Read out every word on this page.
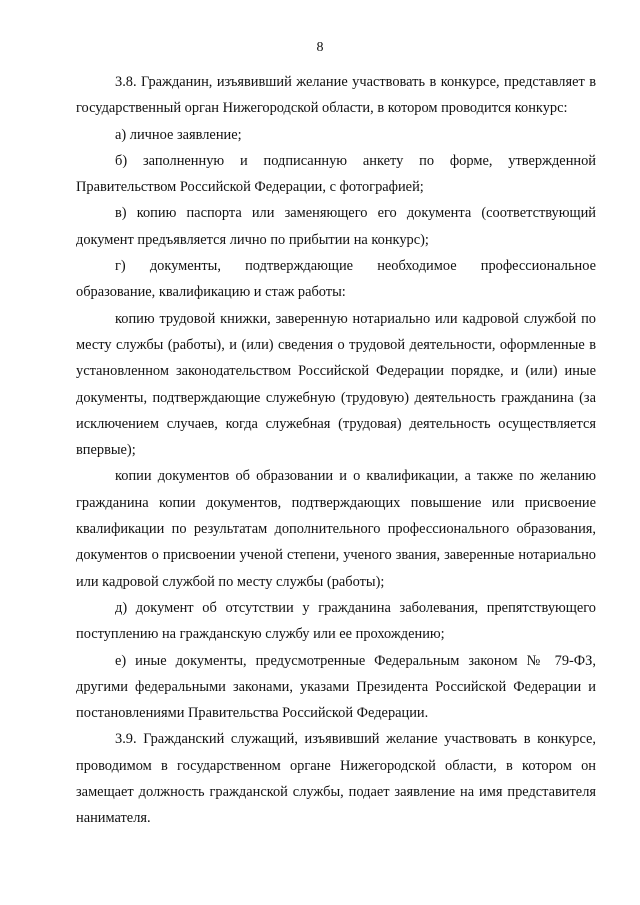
8

3.8. Гражданин, изъявивший желание участвовать в конкурсе, представляет в государственный орган Нижегородской области, в котором проводится конкурс:

а) личное заявление;

б) заполненную и подписанную анкету по форме, утвержденной Правительством Российской Федерации, с фотографией;

в) копию паспорта или заменяющего его документа (соответствующий документ предъявляется лично по прибытии на конкурс);

г) документы, подтверждающие необходимое профессиональное образование, квалификацию и стаж работы:

копию трудовой книжки, заверенную нотариально или кадровой службой по месту службы (работы), и (или) сведения о трудовой деятельности, оформленные в установленном законодательством Российской Федерации порядке, и (или) иные документы, подтверждающие служебную (трудовую) деятельность гражданина (за исключением случаев, когда служебная (трудовая) деятельность осуществляется впервые);

копии документов об образовании и о квалификации, а также по желанию гражданина копии документов, подтверждающих повышение или присвоение квалификации по результатам дополнительного профессионального образования, документов о присвоении ученой степени, ученого звания, заверенные нотариально или кадровой службой по месту службы (работы);

д) документ об отсутствии у гражданина заболевания, препятствующего поступлению на гражданскую службу или ее прохождению;

е) иные документы, предусмотренные Федеральным законом № 79-ФЗ, другими федеральными законами, указами Президента Российской Федерации и постановлениями Правительства Российской Федерации.

3.9. Гражданский служащий, изъявивший желание участвовать в конкурсе, проводимом в государственном органе Нижегородской области, в котором он замещает должность гражданской службы, подает заявление на имя представителя нанимателя.
